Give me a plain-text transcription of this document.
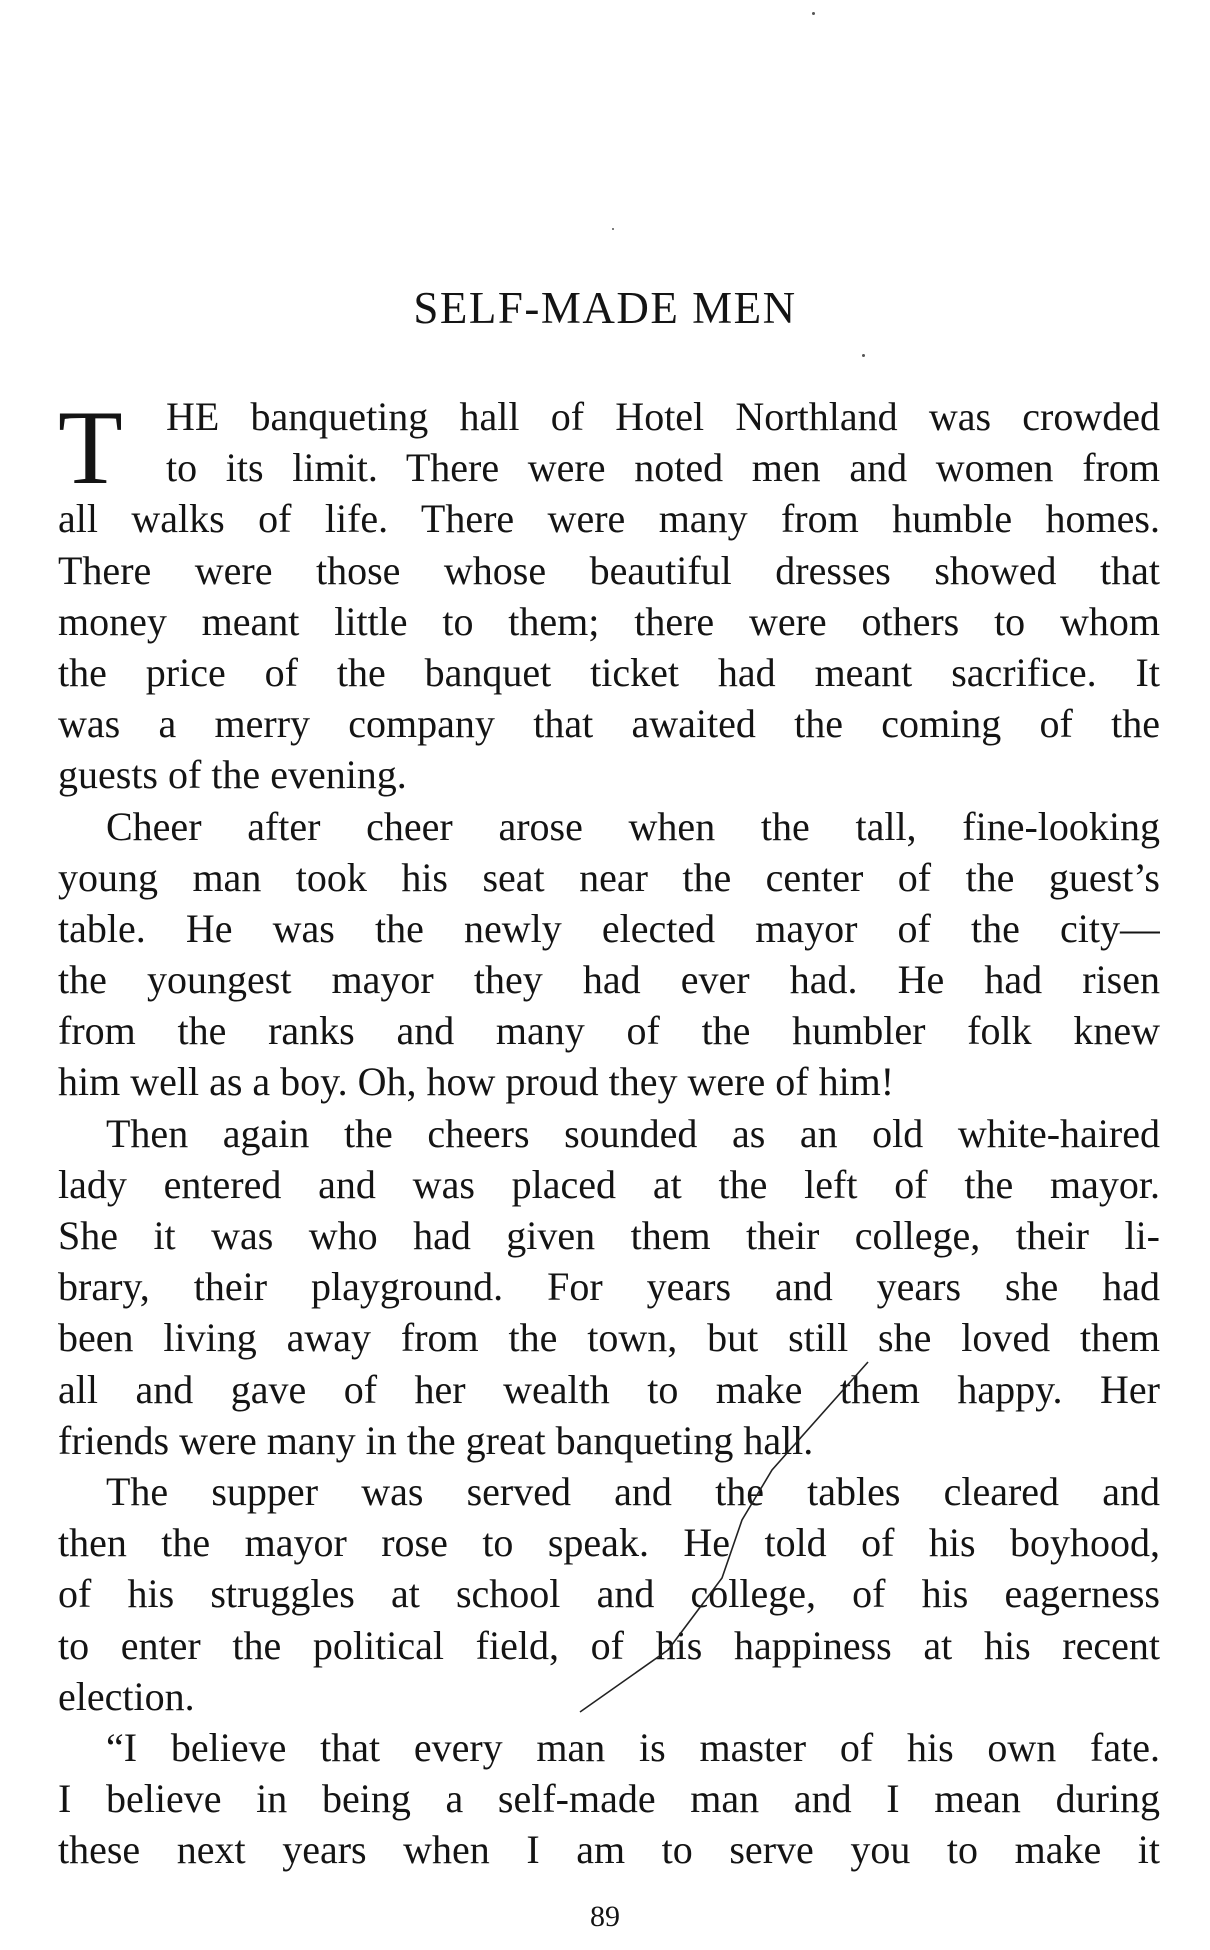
SELF-MADE MEN
T	HE banqueting hall of Hotel Northland was crowded
to its limit. There were noted men and women from
all walks of life. There were many from humble homes.
There were those whose beautiful dresses showed that
money meant little to them; there were others to whom
the price of the banquet ticket had meant sacrifice. It
was a merry company that awaited the coming of the
guests of the evening.
Cheer after cheer arose when the tall, fine-looking
young man took his seat near the center of the guest’s
table. He was the newly elected mayor of the city—
the youngest mayor they had ever had. He had risen
from the ranks and many of the humbler folk knew
him well as a boy. Oh, how proud they were of him!
Then again the cheers sounded as an old white-haired
lady entered and was placed at the left of the mayor.
She it was who had given them their college, their li-
brary, their playground. For years and years she had
been living away from the town, but still she loved them
all and gave of her wealth to make them happy. Her
friends were many in the great banqueting hall.
The supper was served and the tables cleared and
then the mayor rose to speak. He told of his boyhood,
of his struggles at school and college, of his eagerness
to enter the political field, of his happiness at his recent
election.
“I believe that every man is master of his own fate.
I believe in being a self-made man and I mean during
these next years when I am to serve you to make it
89
